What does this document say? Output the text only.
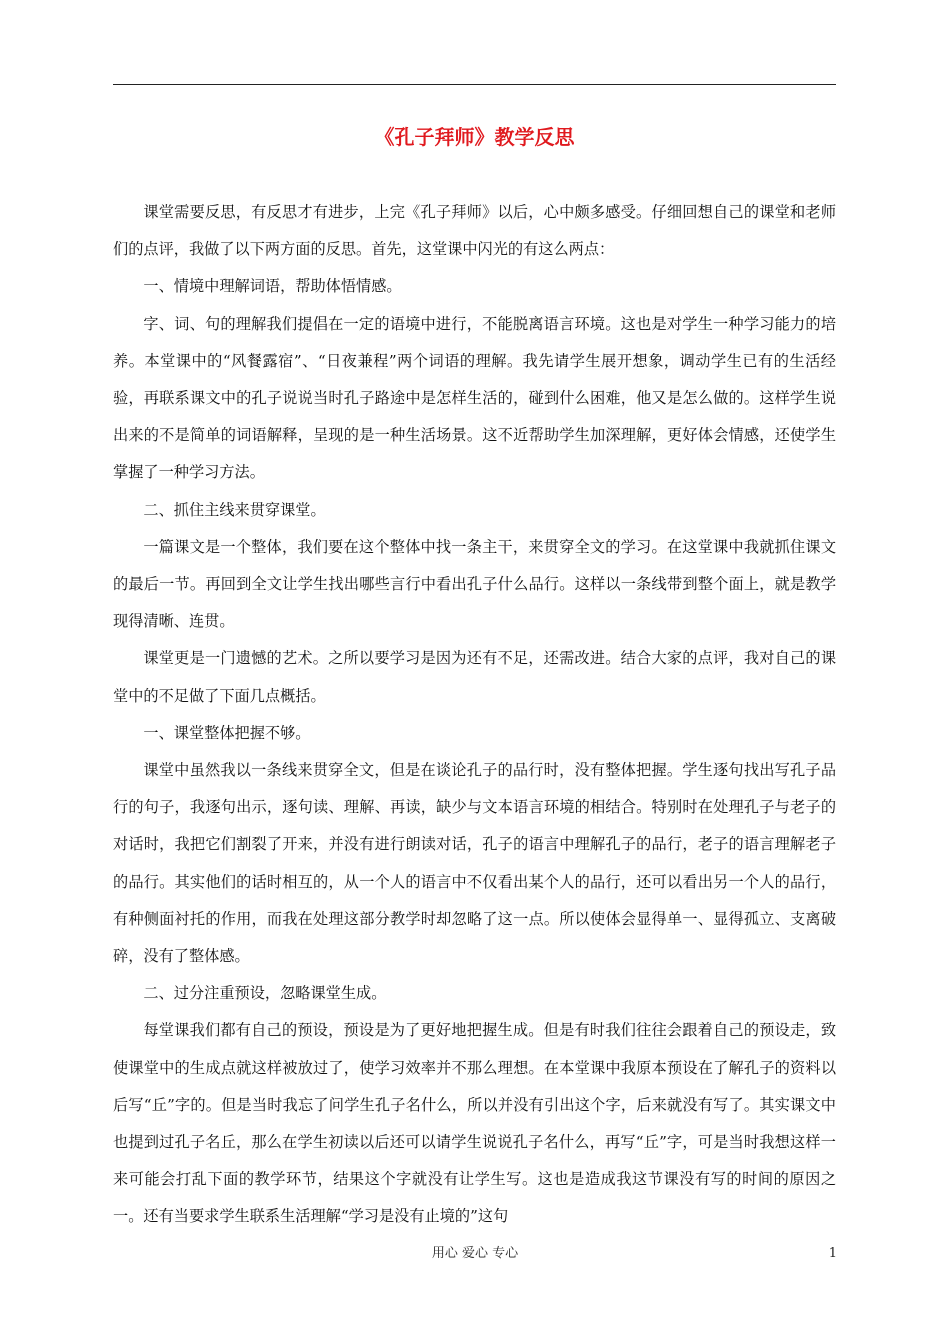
《孔子拜师》教学反思

课堂需要反思，有反思才有进步，上完《孔子拜师》以后，心中颇多感受。仔细回想自己的课堂和老师们的点评，我做了以下两方面的反思。首先，这堂课中闪光的有这么两点：

一、情境中理解词语，帮助体悟情感。

字、词、句的理解我们提倡在一定的语境中进行，不能脱离语言环境。这也是对学生一种学习能力的培养。本堂课中的“风餐露宿”、“日夜兼程”两个词语的理解。我先请学生展开想象，调动学生已有的生活经验，再联系课文中的孔子说说当时孔子路途中是怎样生活的，碰到什么困难，他又是怎么做的。这样学生说出来的不是简单的词语解释，呈现的是一种生活场景。这不近帮助学生加深理解，更好体会情感，还使学生掌握了一种学习方法。

二、抓住主线来贯穿课堂。

一篇课文是一个整体，我们要在这个整体中找一条主干，来贯穿全文的学习。在这堂课中我就抓住课文的最后一节。再回到全文让学生找出哪些言行中看出孔子什么品行。这样以一条线带到整个面上，就是教学现得清晰、连贯。

课堂更是一门遗憾的艺术。之所以要学习是因为还有不足，还需改进。结合大家的点评，我对自己的课堂中的不足做了下面几点概括。

一、课堂整体把握不够。

课堂中虽然我以一条线来贯穿全文，但是在谈论孔子的品行时，没有整体把握。学生逐句找出写孔子品行的句子，我逐句出示，逐句读、理解、再读，缺少与文本语言环境的相结合。特别时在处理孔子与老子的对话时，我把它们割裂了开来，并没有进行朗读对话，孔子的语言中理解孔子的品行，老子的语言理解老子的品行。其实他们的话时相互的，从一个人的语言中不仅看出某个人的品行，还可以看出另一个人的品行，有种侧面衬托的作用，而我在处理这部分教学时却忽略了这一点。所以使体会显得单一、显得孤立、支离破碎，没有了整体感。

二、过分注重预设，忽略课堂生成。

每堂课我们都有自己的预设，预设是为了更好地把握生成。但是有时我们往往会跟着自己的预设走，致使课堂中的生成点就这样被放过了，使学习效率并不那么理想。在本堂课中我原本预设在了解孔子的资料以后写“丘”字的。但是当时我忘了问学生孔子名什么，所以并没有引出这个字，后来就没有写了。其实课文中也提到过孔子名丘，那么在学生初读以后还可以请学生说说孔子名什么，再写“丘”字，可是当时我想这样一来可能会打乱下面的教学环节，结果这个字就没有让学生写。这也是造成我这节课没有写的时间的原因之一。还有当要求学生联系生活理解“学习是没有止境的”这句

用心 爱心 专心	1
